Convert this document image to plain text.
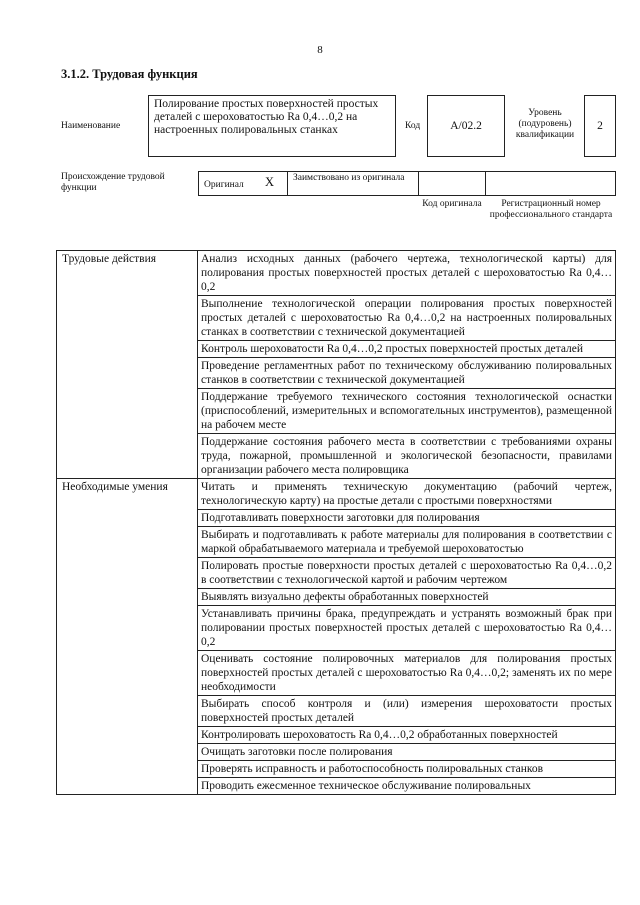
8
3.1.2. Трудовая функция
Наименование
Полирование простых поверхностей простых деталей с шероховатостью Ra 0,4…0,2 на настроенных полировальных станках	Код	А/02.2
Уровень (подуровень) квалификации
2
Происхождение трудовой функции	Оригинал X	Заимствовано из оригинала
Код оригинала	Регистрационный номер профессионального стандарта
Трудовые действия	Анализ исходных данных (рабочего чертежа, технологической карты) для полирования простых поверхностей простых деталей с шероховатостью Ra 0,4…0,2
	Выполнение технологической операции полирования простых поверхностей простых деталей с шероховатостью Ra 0,4…0,2 на настроенных полировальных станках в соответствии с технической документацией
	Контроль шероховатости Ra 0,4…0,2 простых поверхностей простых деталей
	Проведение регламентных работ по техническому обслуживанию полировальных станков в соответствии с технической документацией
	Поддержание требуемого технического состояния технологической оснастки (приспособлений, измерительных и вспомогательных инструментов), размещенной на рабочем месте
	Поддержание состояния рабочего места в соответствии с требованиями охраны труда, пожарной, промышленной и экологической безопасности, правилами организации рабочего места полировщика
Необходимые умения	Читать и применять техническую документацию (рабочий чертеж, технологическую карту) на простые детали с простыми поверхностями
	Подготавливать поверхности заготовки для полирования
	Выбирать и подготавливать к работе материалы для полирования в соответствии с маркой обрабатываемого материала и требуемой шероховатостью
	Полировать простые поверхности простых деталей с шероховатостью Ra 0,4…0,2 в соответствии с технологической картой и рабочим чертежом
	Выявлять визуально дефекты обработанных поверхностей
	Устанавливать причины брака, предупреждать и устранять возможный брак при полировании простых поверхностей простых деталей с шероховатостью Ra 0,4…0,2
	Оценивать состояние полировочных материалов для полирования простых поверхностей простых деталей с шероховатостью Ra 0,4…0,2; заменять их по мере необходимости
	Выбирать способ контроля и (или) измерения шероховатости простых поверхностей простых деталей
	Контролировать шероховатость Ra 0,4…0,2 обработанных поверхностей
	Очищать заготовки после полирования
	Проверять исправность и работоспособность полировальных станков
	Проводить ежесменное техническое обслуживание полировальных
